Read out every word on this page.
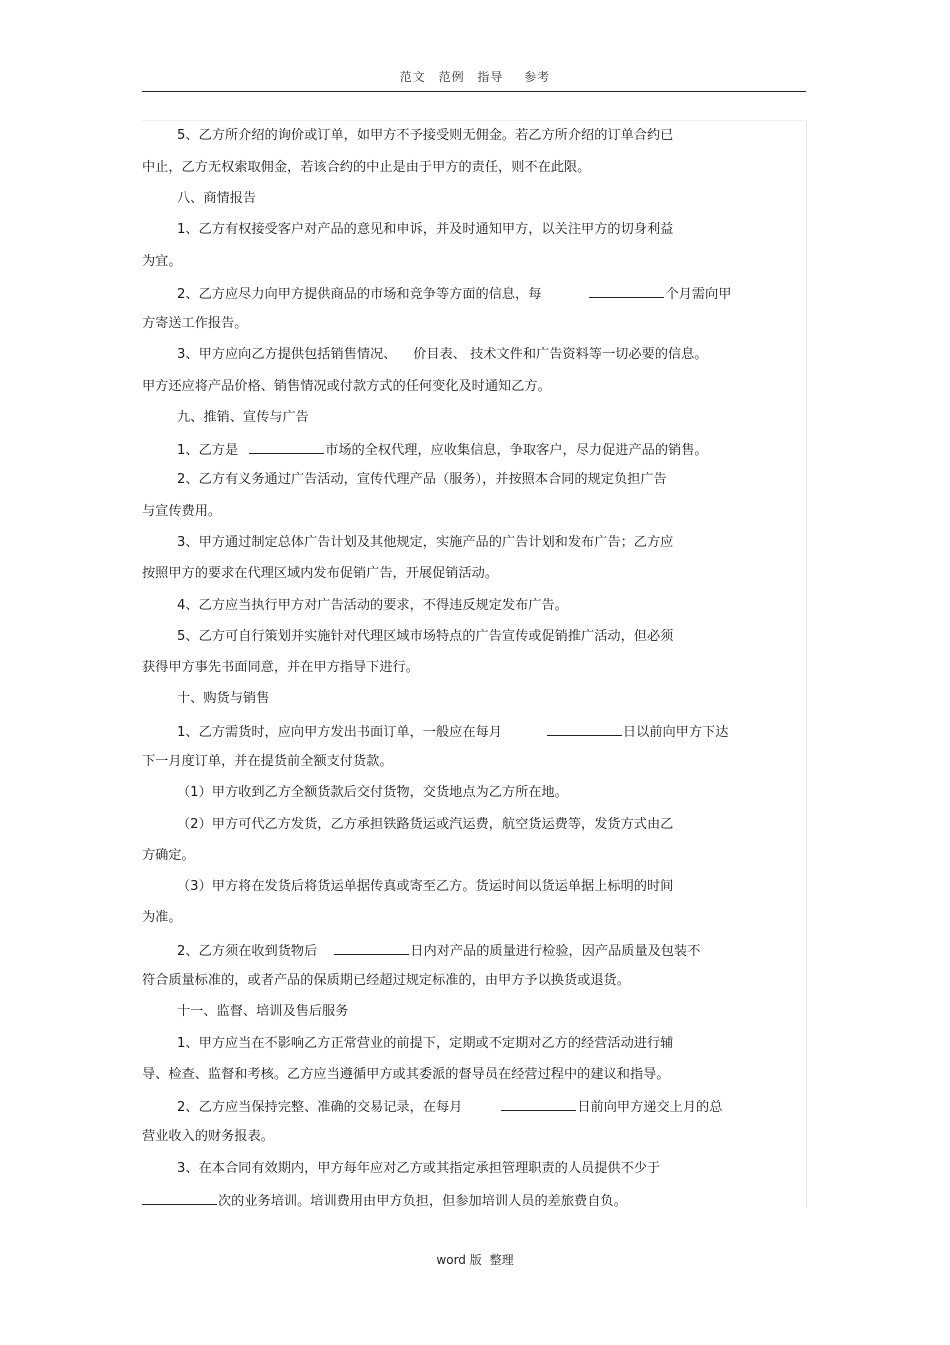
范文 范例 指导 参考
5、乙方所介绍的询价或订单，如甲方不予接受则无佣金。若乙方所介绍的订单合约已
中止，乙方无权索取佣金，若该合约的中止是由于甲方的责任，则不在此限。
八、商情报告
1、乙方有权接受客户对产品的意见和申诉，并及时通知甲方，以关注甲方的切身利益
为宜。
2、乙方应尽力向甲方提供商品的市场和竞争等方面的信息，每	个月需向甲
方寄送工作报告。
3、甲方应向乙方提供包括销售情况、    价目表、 技术文件和广告资料等一切必要的信息。
甲方还应将产品价格、销售情况或付款方式的任何变化及时通知乙方。
九、推销、宣传与广告
1、乙方是	市场的全权代理，应收集信息，争取客户，尽力促进产品的销售。
2、乙方有义务通过广告活动，宣传代理产品（服务），并按照本合同的规定负担广告
与宣传费用。
3、甲方通过制定总体广告计划及其他规定，实施产品的广告计划和发布广告；乙方应
按照甲方的要求在代理区域内发布促销广告，开展促销活动。
4、乙方应当执行甲方对广告活动的要求，不得违反规定发布广告。
5、乙方可自行策划并实施针对代理区域市场特点的广告宣传或促销推广活动，但必须
获得甲方事先书面同意，并在甲方指导下进行。
十、购货与销售
1、乙方需货时，应向甲方发出书面订单，一般应在每月	日以前向甲方下达
下一月度订单，并在提货前全额支付货款。
（1）甲方收到乙方全额货款后交付货物，交货地点为乙方所在地。
（2）甲方可代乙方发货，乙方承担铁路货运或汽运费，航空货运费等，发货方式由乙
方确定。
（3）甲方将在发货后将货运单据传真或寄至乙方。货运时间以货运单据上标明的时间
为准。
2、乙方须在收到货物后	日内对产品的质量进行检验，因产品质量及包装不
符合质量标准的，或者产品的保质期已经超过规定标准的，由甲方予以换货或退货。
十一、监督、培训及售后服务
1、甲方应当在不影响乙方正常营业的前提下，定期或不定期对乙方的经营活动进行辅
导、检查、监督和考核。乙方应当遵循甲方或其委派的督导员在经营过程中的建议和指导。
2、乙方应当保持完整、准确的交易记录，在每月	日前向甲方递交上月的总
营业收入的财务报表。
3、在本合同有效期内，甲方每年应对乙方或其指定承担管理职责的人员提供不少于
次的业务培训。培训费用由甲方负担，但参加培训人员的差旅费自负。
word 版 整理
